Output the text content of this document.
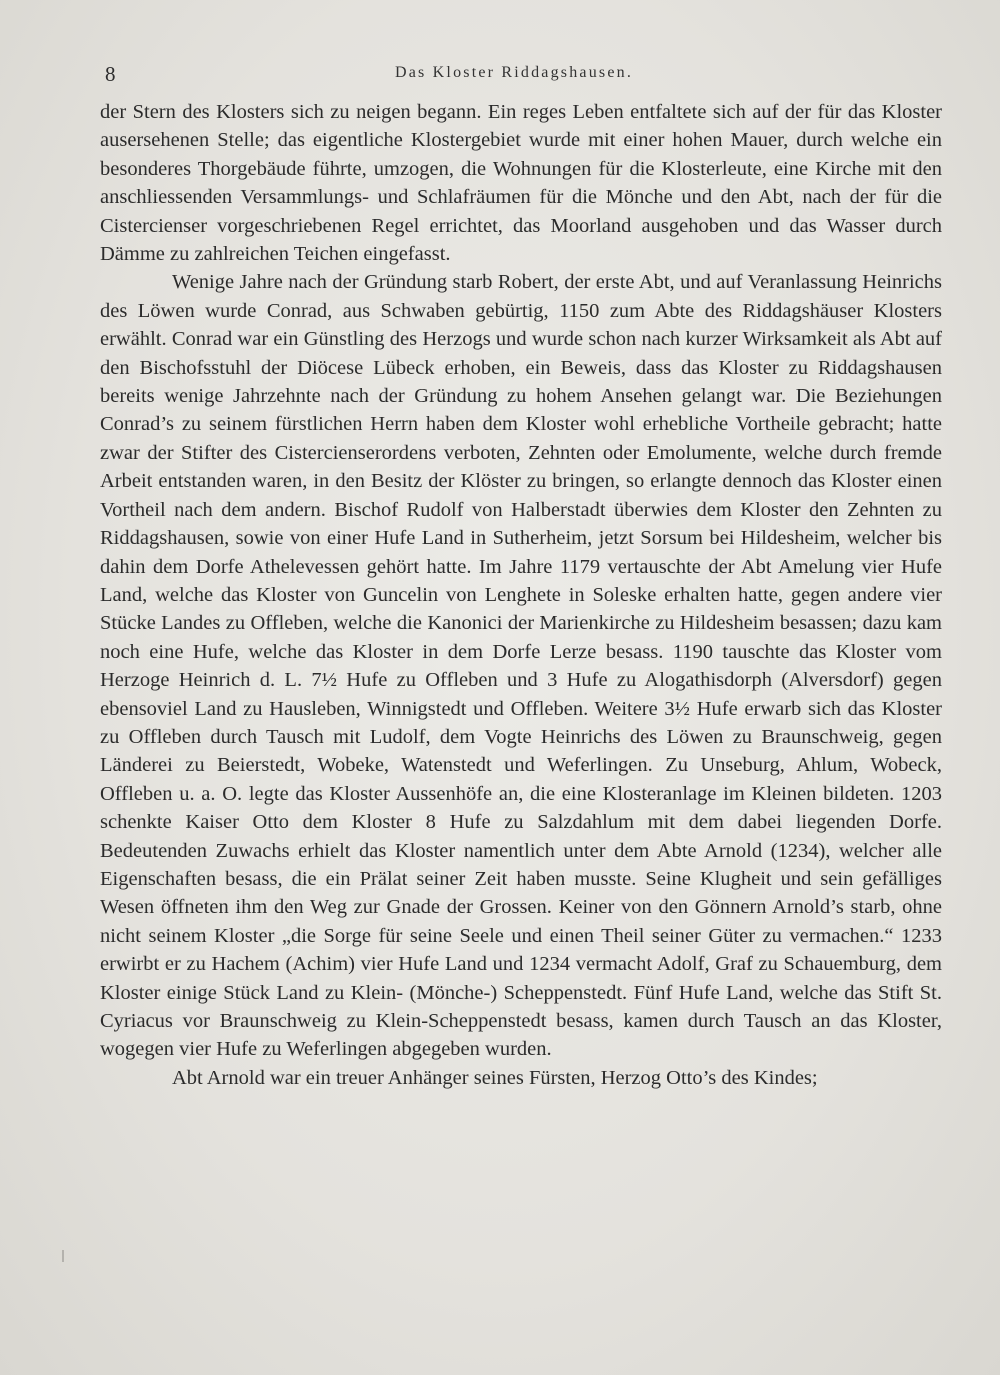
8	Das Kloster Riddagshausen.

der Stern des Klosters sich zu neigen begann. Ein reges Leben entfaltete sich auf der für das Kloster ausersehenen Stelle; das eigentliche Klostergebiet wurde mit einer hohen Mauer, durch welche ein besonderes Thorgebäude führte, umzogen, die Wohnungen für die Klosterleute, eine Kirche mit den anschliessenden Versammlungs- und Schlafräumen für die Mönche und den Abt, nach der für die Cistercienser vorgeschriebenen Regel errichtet, das Moorland ausgehoben und das Wasser durch Dämme zu zahlreichen Teichen eingefasst.

Wenige Jahre nach der Gründung starb Robert, der erste Abt, und auf Veranlassung Heinrichs des Löwen wurde Conrad, aus Schwaben gebürtig, 1150 zum Abte des Riddagshäuser Klosters erwählt. Conrad war ein Günstling des Herzogs und wurde schon nach kurzer Wirksamkeit als Abt auf den Bischofsstuhl der Diöcese Lübeck erhoben, ein Beweis, dass das Kloster zu Riddagshausen bereits wenige Jahrzehnte nach der Gründung zu hohem Ansehen gelangt war. Die Beziehungen Conrad’s zu seinem fürstlichen Herrn haben dem Kloster wohl erhebliche Vortheile gebracht; hatte zwar der Stifter des Cistercienserordens verboten, Zehnten oder Emolumente, welche durch fremde Arbeit entstanden waren, in den Besitz der Klöster zu bringen, so erlangte dennoch das Kloster einen Vortheil nach dem andern. Bischof Rudolf von Halberstadt überwies dem Kloster den Zehnten zu Riddagshausen, sowie von einer Hufe Land in Sutherheim, jetzt Sorsum bei Hildesheim, welcher bis dahin dem Dorfe Athelevessen gehört hatte. Im Jahre 1179 vertauschte der Abt Amelung vier Hufe Land, welche das Kloster von Guncelin von Lenghete in Soleske erhalten hatte, gegen andere vier Stücke Landes zu Offleben, welche die Kanonici der Marienkirche zu Hildesheim besassen; dazu kam noch eine Hufe, welche das Kloster in dem Dorfe Lerze besass. 1190 tauschte das Kloster vom Herzoge Heinrich d. L. 7½ Hufe zu Offleben und 3 Hufe zu Alogathisdorph (Alversdorf) gegen ebensoviel Land zu Hausleben, Winnigstedt und Offleben. Weitere 3½ Hufe erwarb sich das Kloster zu Offleben durch Tausch mit Ludolf, dem Vogte Heinrichs des Löwen zu Braunschweig, gegen Länderei zu Beierstedt, Wobeke, Watenstedt und Weferlingen. Zu Unseburg, Ahlum, Wobeck, Offleben u. a. O. legte das Kloster Aussenhöfe an, die eine Klosteranlage im Kleinen bildeten. 1203 schenkte Kaiser Otto dem Kloster 8 Hufe zu Salzdahlum mit dem dabei liegenden Dorfe. Bedeutenden Zuwachs erhielt das Kloster namentlich unter dem Abte Arnold (1234), welcher alle Eigenschaften besass, die ein Prälat seiner Zeit haben musste. Seine Klugheit und sein gefälliges Wesen öffneten ihm den Weg zur Gnade der Grossen. Keiner von den Gönnern Arnold’s starb, ohne nicht seinem Kloster „die Sorge für seine Seele und einen Theil seiner Güter zu vermachen.“ 1233 erwirbt er zu Hachem (Achim) vier Hufe Land und 1234 vermacht Adolf, Graf zu Schauemburg, dem Kloster einige Stück Land zu Klein- (Mönche-) Scheppenstedt. Fünf Hufe Land, welche das Stift St. Cyriacus vor Braunschweig zu Klein-Scheppenstedt besass, kamen durch Tausch an das Kloster, wogegen vier Hufe zu Weferlingen abgegeben wurden.

Abt Arnold war ein treuer Anhänger seines Fürsten, Herzog Otto’s des Kindes;
